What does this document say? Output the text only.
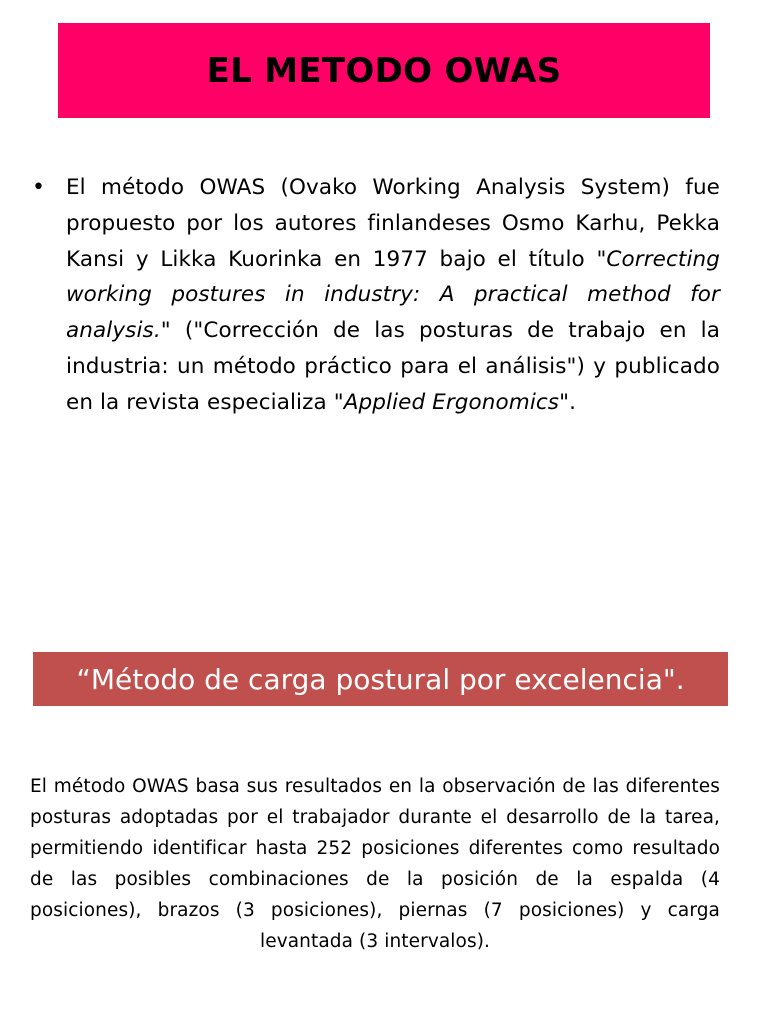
EL METODO OWAS
• El método OWAS (Ovako Working Analysis System) fue propuesto por los autores finlandeses Osmo Karhu, Pekka Kansi y Likka Kuorinka en 1977 bajo el título "Correcting working postures in industry: A practical method for analysis." ("Corrección de las posturas de trabajo en la industria: un método práctico para el análisis") y publicado en la revista especializa "Applied Ergonomics".
“Método de carga postural por excelencia".
El método OWAS basa sus resultados en la observación de las diferentes posturas adoptadas por el trabajador durante el desarrollo de la tarea, permitiendo identificar hasta 252 posiciones diferentes como resultado de las posibles combinaciones de la posición de la espalda (4 posiciones), brazos (3 posiciones), piernas (7 posiciones) y carga levantada (3 intervalos).
